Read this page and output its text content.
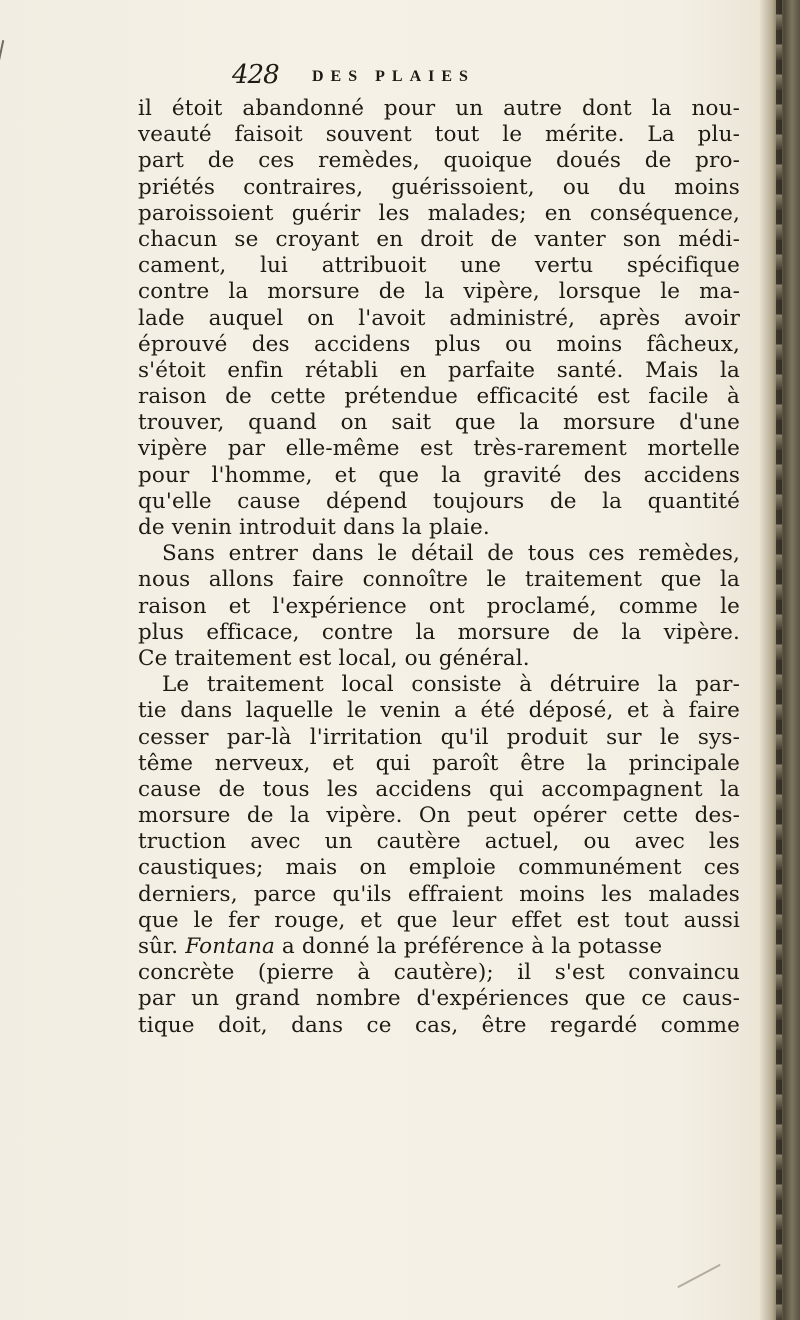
428 DES PLAIES
il étoit abandonné pour un autre dont la nou-
veauté faisoit souvent tout le mérite. La plu-
part de ces remèdes, quoique doués de pro-
priétés contraires, guérissoient, ou du moins
paroissoient guérir les malades; en conséquence,
chacun se croyant en droit de vanter son médi-
cament, lui attribuoit une vertu spécifique
contre la morsure de la vipère, lorsque le ma-
lade auquel on l'avoit administré, après avoir
éprouvé des accidens plus ou moins fâcheux,
s'étoit enfin rétabli en parfaite santé. Mais la
raison de cette prétendue efficacité est facile à
trouver, quand on sait que la morsure d'une
vipère par elle-même est très-rarement mortelle
pour l'homme, et que la gravité des accidens
qu'elle cause dépend toujours de la quantité
de venin introduit dans la plaie.
Sans entrer dans le détail de tous ces remèdes,
nous allons faire connoître le traitement que la
raison et l'expérience ont proclamé, comme le
plus efficace, contre la morsure de la vipère.
Ce traitement est local, ou général.
Le traitement local consiste à détruire la par-
tie dans laquelle le venin a été déposé, et à faire
cesser par-là l'irritation qu'il produit sur le sys-
tême nerveux, et qui paroît être la principale
cause de tous les accidens qui accompagnent la
morsure de la vipère. On peut opérer cette des-
truction avec un cautère actuel, ou avec les
caustiques; mais on emploie communément ces
derniers, parce qu'ils effraient moins les malades
que le fer rouge, et que leur effet est tout aussi
sûr. Fontana a donné la préférence à la potasse
concrète (pierre à cautère); il s'est convaincu
par un grand nombre d'expériences que ce caus-
tique doit, dans ce cas, être regardé comme
